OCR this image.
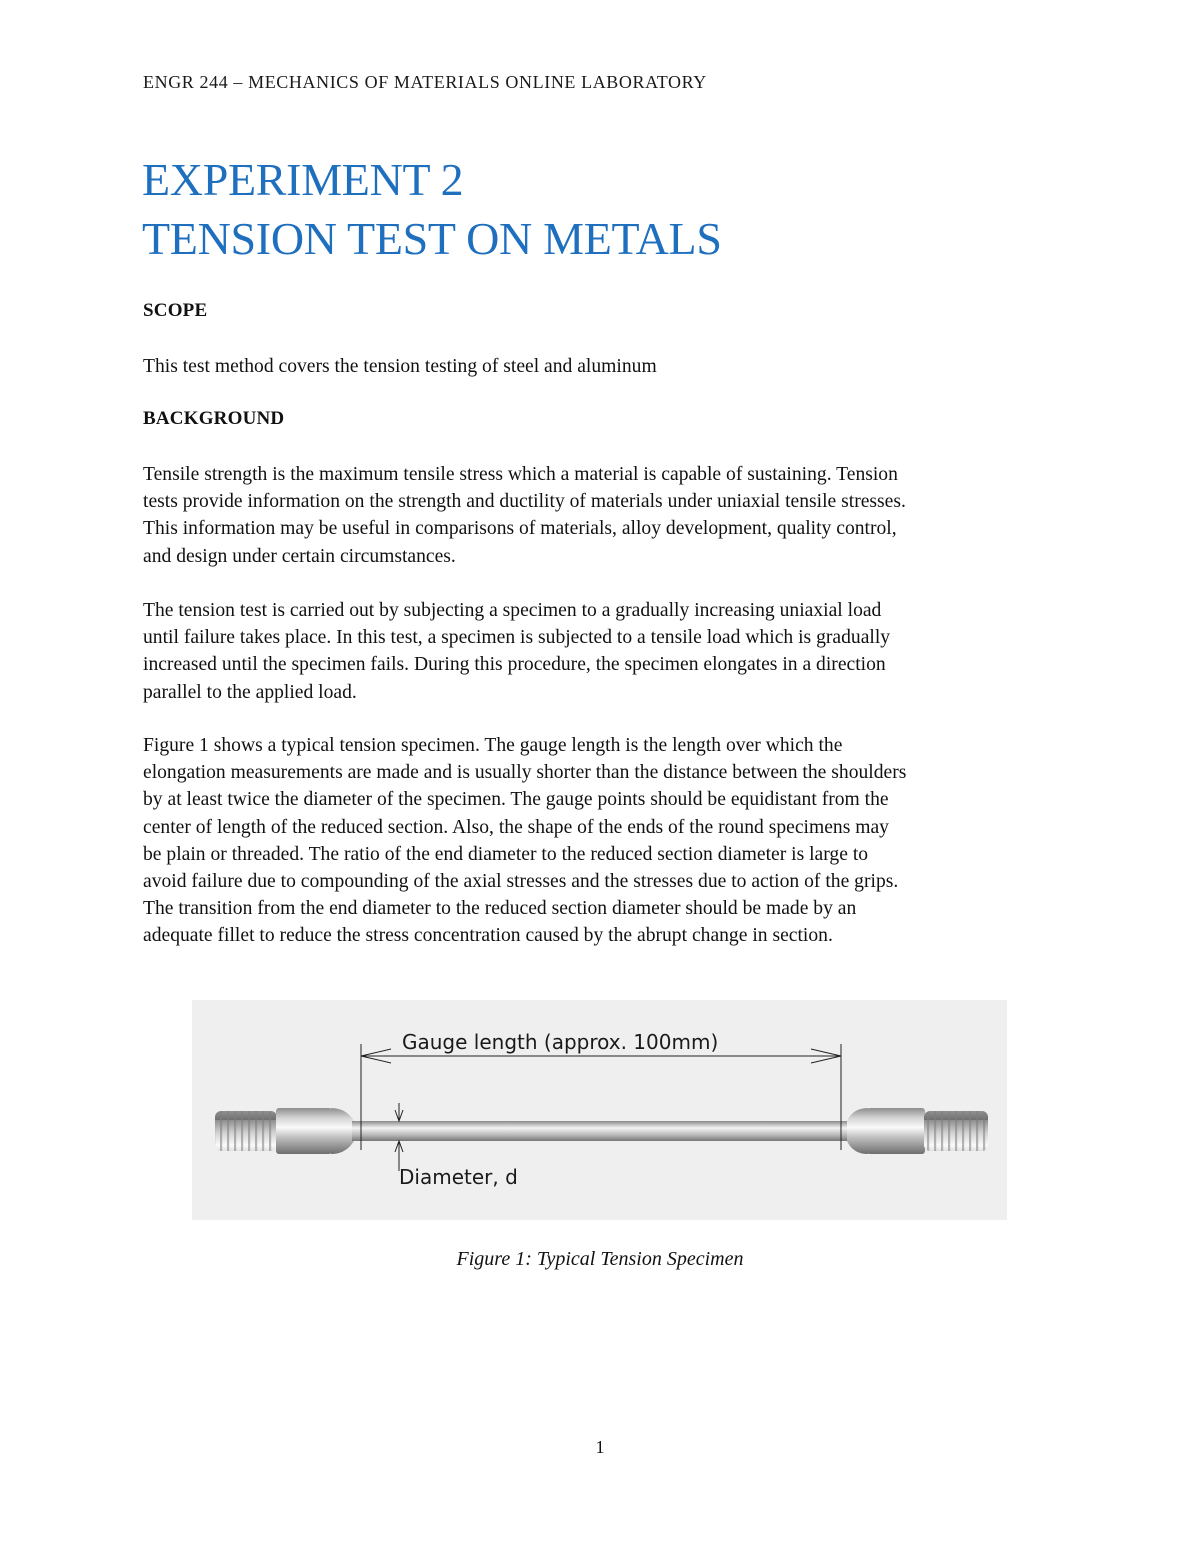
ENGR 244 – MECHANICS OF MATERIALS ONLINE LABORATORY
EXPERIMENT 2
TENSION TEST ON METALS
SCOPE

This test method covers the tension testing of steel and aluminum

BACKGROUND

Tensile strength is the maximum tensile stress which a material is capable of sustaining. Tension
tests provide information on the strength and ductility of materials under uniaxial tensile stresses.
This information may be useful in comparisons of materials, alloy development, quality control,
and design under certain circumstances.

The tension test is carried out by subjecting a specimen to a gradually increasing uniaxial load
until failure takes place. In this test, a specimen is subjected to a tensile load which is gradually
increased until the specimen fails. During this procedure, the specimen elongates in a direction
parallel to the applied load.

Figure 1 shows a typical tension specimen. The gauge length is the length over which the
elongation measurements are made and is usually shorter than the distance between the shoulders
by at least twice the diameter of the specimen. The gauge points should be equidistant from the
center of length of the reduced section. Also, the shape of the ends of the round specimens may
be plain or threaded. The ratio of the end diameter to the reduced section diameter is large to
avoid failure due to compounding of the axial stresses and the stresses due to action of the grips.
The transition from the end diameter to the reduced section diameter should be made by an
adequate fillet to reduce the stress concentration caused by the abrupt change in section.

Gauge length (approx. 100mm)
Diameter, d
Figure 1: Typical Tension Specimen
1
